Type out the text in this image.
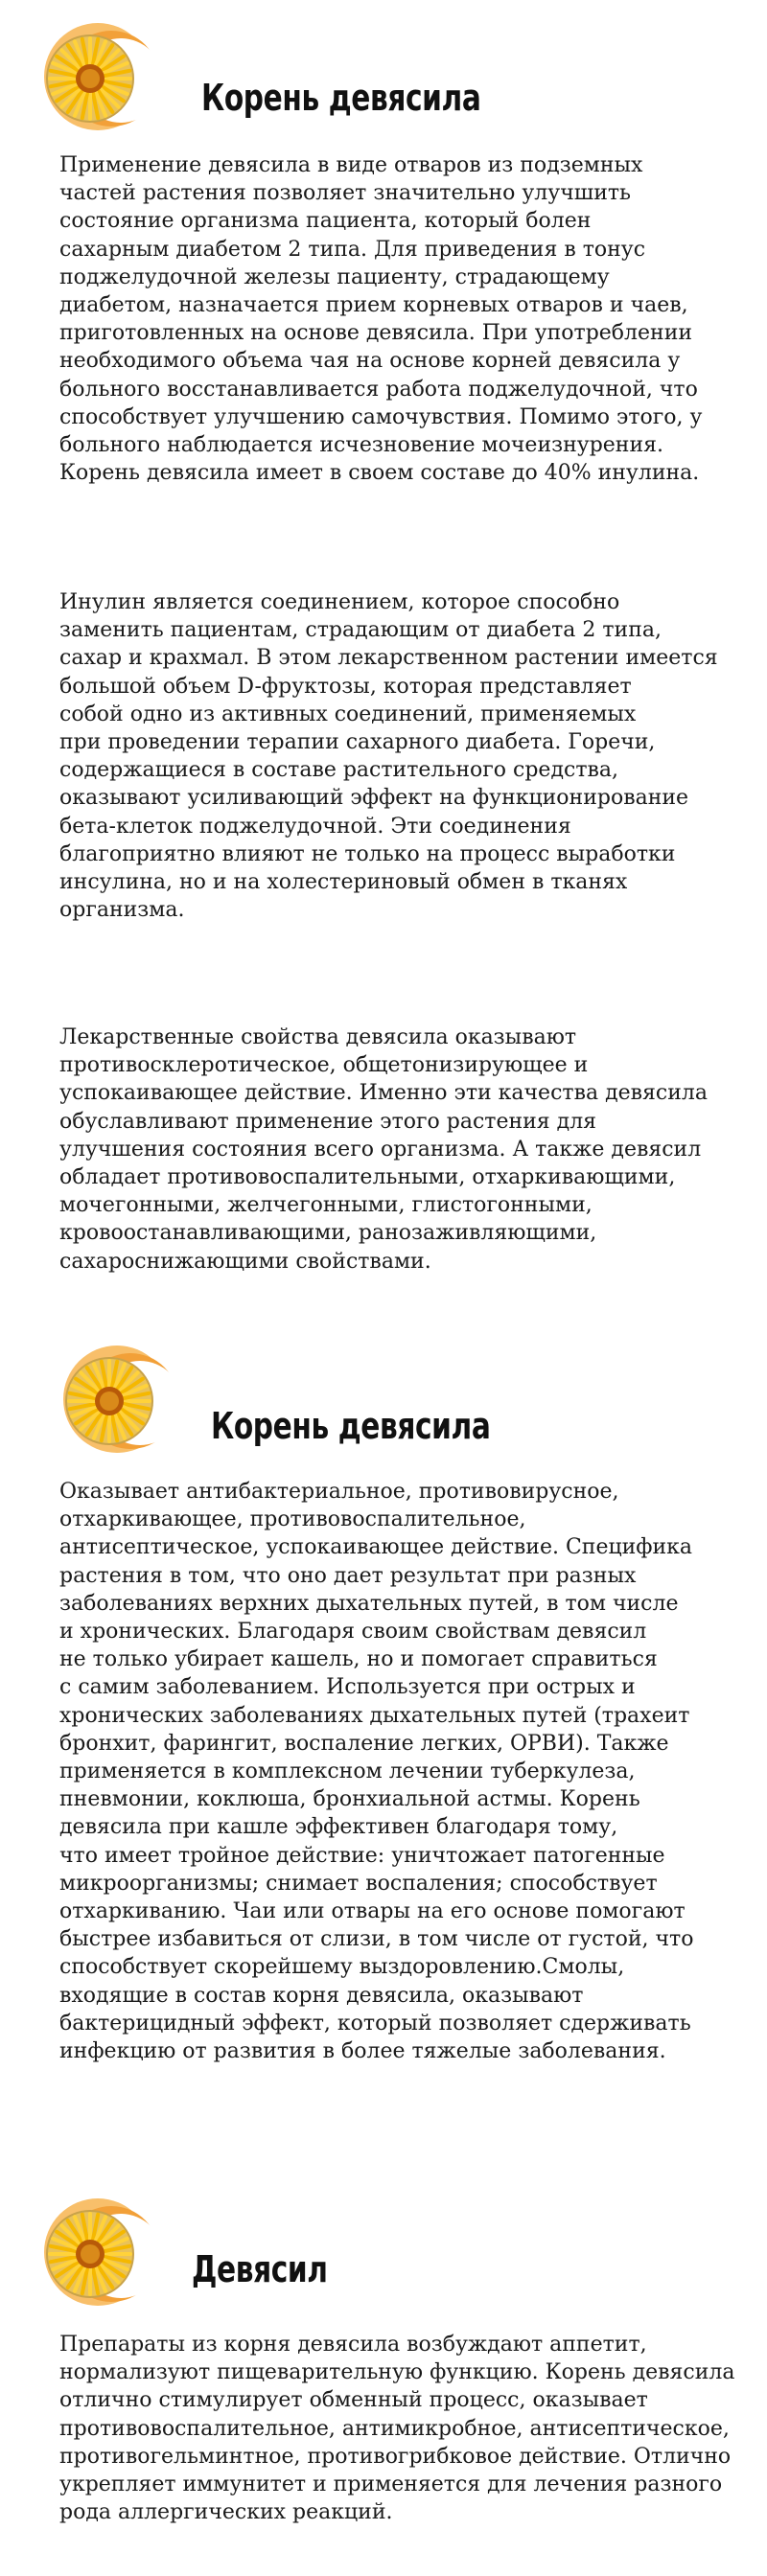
Корень девясила

Применение девясила в виде отваров из подземных
частей растения позволяет значительно улучшить
состояние организма пациента, который болен
сахарным диабетом 2 типа. Для приведения в тонус
поджелудочной железы пациенту, страдающему
диабетом, назначается прием корневых отваров и чаев,
приготовленных на основе девясила. При употреблении
необходимого объема чая на основе корней девясила у
больного восстанавливается работа поджелудочной, что
способствует улучшению самочувствия. Помимо этого, у
больного наблюдается исчезновение мочеизнурения.
Корень девясила имеет в своем составе до 40% инулина.

Инулин является соединением, которое способно
заменить пациентам, страдающим от диабета 2 типа,
сахар и крахмал. В этом лекарственном растении имеется
большой объем D-фруктозы, которая представляет
собой одно из активных соединений, применяемых
при проведении терапии сахарного диабета. Горечи,
содержащиеся в составе растительного средства,
оказывают усиливающий эффект на функционирование
бета-клеток поджелудочной. Эти соединения
благоприятно влияют не только на процесс выработки
инсулина, но и на холестериновый обмен в тканях
организма.

Лекарственные свойства девясила оказывают
противосклеротическое, общетонизирующее и
успокаивающее действие. Именно эти качества девясила
обуславливают применение этого растения для
улучшения состояния всего организма. А также девясил
обладает противовоспалительными, отхаркивающими,
мочегонными, желчегонными, глистогонными,
кровоостанавливающими, ранозаживляющими,
сахароснижающими свойствами.

Корень девясила

Оказывает антибактериальное, противовирусное,
отхаркивающее, противовоспалительное,
антисептическое, успокаивающее действие. Специфика
растения в том, что оно дает результат при разных
заболеваниях верхних дыхательных путей, в том числе
и хронических. Благодаря своим свойствам девясил
не только убирает кашель, но и помогает справиться
с самим заболеванием. Используется при острых и
хронических заболеваниях дыхательных путей (трахеит
бронхит, фарингит, воспаление легких, ОРВИ). Также
применяется в комплексном лечении туберкулеза,
пневмонии, коклюша, бронхиальной астмы. Корень
девясила при кашле эффективен благодаря тому,
что имеет тройное действие: уничтожает патогенные
микроорганизмы; снимает воспаления; способствует
отхаркиванию. Чаи или отвары на его основе помогают
быстрее избавиться от слизи, в том числе от густой, что
способствует скорейшему выздоровлению.Смолы,
входящие в состав корня девясила, оказывают
бактерицидный эффект, который позволяет сдерживать
инфекцию от развития в более тяжелые заболевания.

Девясил

Препараты из корня девясила возбуждают аппетит,
нормализуют пищеварительную функцию. Корень девясила
отлично стимулирует обменный процесс, оказывает
противовоспалительное, антимикробное, антисептическое,
противогельминтное, противогрибковое действие. Отлично
укрепляет иммунитет и применяется для лечения разного
рода аллергических реакций.
